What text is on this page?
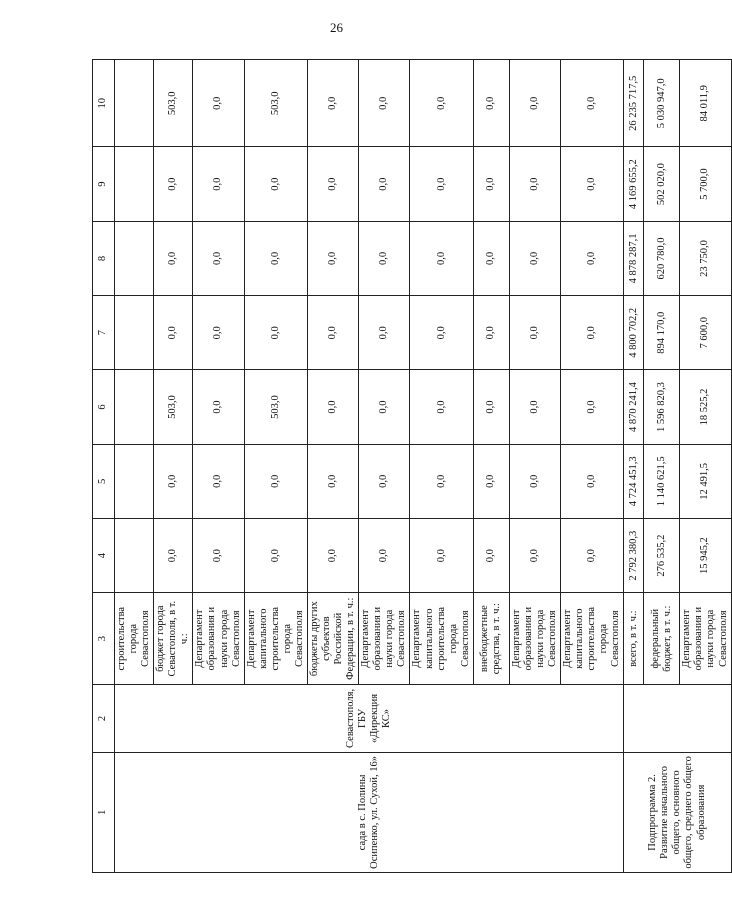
26
1	2	3	4	5	6	7	8	9	10
сада в с. Полины Осипенко, ул. Сухой, 16»	Севастополя, ГБУ «Дирекция КС»	строительства города Севастополя							
		бюджет города Севастополя, в т. ч.:	0,0	0,0	503,0	0,0	0,0	0,0	503,0
		Департамент образования и науки города Севастополя	0,0	0,0	0,0	0,0	0,0	0,0	0,0
		Департамент капитального строительства города Севастополя	0,0	0,0	503,0	0,0	0,0	0,0	503,0
		бюджеты других субъектов Российской Федерации, в т. ч.:	0,0	0,0	0,0	0,0	0,0	0,0	0,0
		Департамент образования и науки города Севастополя	0,0	0,0	0,0	0,0	0,0	0,0	0,0
		Департамент капитального строительства города Севастополя	0,0	0,0	0,0	0,0	0,0	0,0	0,0
		внебюджетные средства, в т. ч.:	0,0	0,0	0,0	0,0	0,0	0,0	0,0
		Департамент образования и науки города Севастополя	0,0	0,0	0,0	0,0	0,0	0,0	0,0
		Департамент капитального строительства города Севастополя	0,0	0,0	0,0	0,0	0,0	0,0	0,0
Подпрограмма 2. Развитие начального общего, основного общего, среднего общего образования		всего, в т. ч.:	2 792 380,3	4 724 451,3	4 870 241,4	4 800 702,2	4 878 287,1	4 169 655,2	26 235 717,5
		федеральный бюджет, в т. ч.:	276 535,2	1 140 621,5	1 596 820,3	894 170,0	620 780,0	502 020,0	5 030 947,0
		Департамент образования и науки города Севастополя	15 945,2	12 491,5	18 525,2	7 600,0	23 750,0	5 700,0	84 011,9
